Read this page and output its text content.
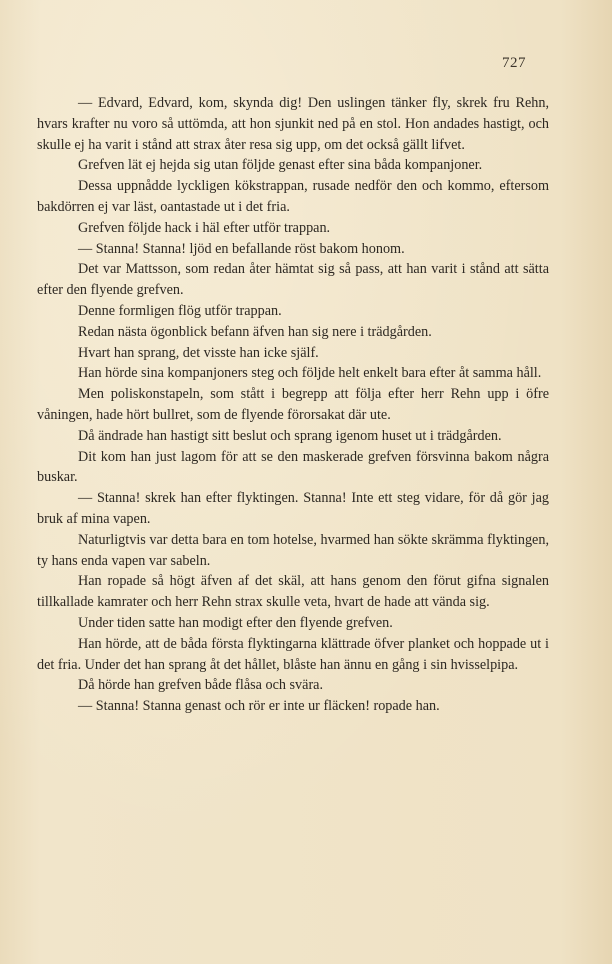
727

— Edvard, Edvard, kom, skynda dig! Den uslingen tänker fly, skrek fru Rehn, hvars krafter nu voro så uttömda, att hon sjunkit ned på en stol. Hon andades hastigt, och skulle ej ha varit i stånd att strax åter resa sig upp, om det också gällt lifvet.

Grefven lät ej hejda sig utan följde genast efter sina båda kompanjoner.

Dessa uppnådde lyckligen kökstrappan, rusade nedför den och kommo, eftersom bakdörren ej var läst, oantastade ut i det fria.

Grefven följde hack i häl efter utför trappan.

— Stanna! Stanna! ljöd en befallande röst bakom honom.

Det var Mattsson, som redan åter hämtat sig så pass, att han varit i stånd att sätta efter den flyende grefven.

Denne formligen flög utför trappan.

Redan nästa ögonblick befann äfven han sig nere i trädgården.

Hvart han sprang, det visste han icke själf.

Han hörde sina kompanjoners steg och följde helt enkelt bara efter åt samma håll.

Men poliskonstapeln, som stått i begrepp att följa efter herr Rehn upp i öfre våningen, hade hört bullret, som de flyende förorsakat där ute.

Då ändrade han hastigt sitt beslut och sprang igenom huset ut i trädgården.

Dit kom han just lagom för att se den maskerade grefven försvinna bakom några buskar.

— Stanna! skrek han efter flyktingen. Stanna! Inte ett steg vidare, för då gör jag bruk af mina vapen.

Naturligtvis var detta bara en tom hotelse, hvarmed han sökte skrämma flyktingen, ty hans enda vapen var sabeln.

Han ropade så högt äfven af det skäl, att hans genom den förut gifna signalen tillkallade kamrater och herr Rehn strax skulle veta, hvart de hade att vända sig.

Under tiden satte han modigt efter den flyende grefven.

Han hörde, att de båda första flyktingarna klättrade öfver planket och hoppade ut i det fria. Under det han sprang åt det hållet, blåste han ännu en gång i sin hvisselpipa.

Då hörde han grefven både flåsa och svära.

— Stanna! Stanna genast och rör er inte ur fläcken! ropade han.
